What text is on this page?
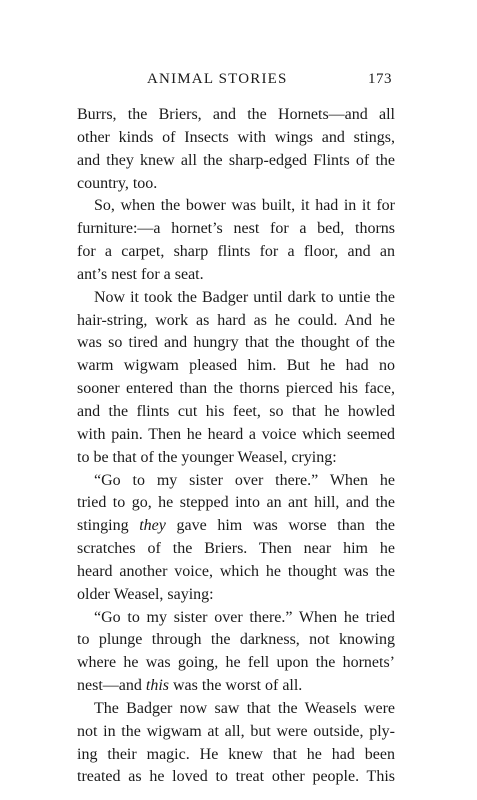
ANIMAL STORIES	173

Burrs, the Briers, and the Hornets—and all
other kinds of Insects with wings and stings,
and they knew all the sharp-edged Flints of the
country, too.

So, when the bower was built, it had in it for
furniture:—a hornet’s nest for a bed, thorns
for a carpet, sharp flints for a floor, and an
ant’s nest for a seat.

Now it took the Badger until dark to untie the
hair-string, work as hard as he could. And he
was so tired and hungry that the thought of the
warm wigwam pleased him. But he had no
sooner entered than the thorns pierced his face,
and the flints cut his feet, so that he howled
with pain. Then he heard a voice which seemed
to be that of the younger Weasel, crying:

“Go to my sister over there.” When he
tried to go, he stepped into an ant hill, and the
stinging they gave him was worse than the
scratches of the Briers. Then near him he
heard another voice, which he thought was the
older Weasel, saying:

“Go to my sister over there.” When he tried
to plunge through the darkness, not knowing
where he was going, he fell upon the hornets’
nest—and this was the worst of all.

The Badger now saw that the Weasels were
not in the wigwam at all, but were outside, ply-
ing their magic. He knew that he had been
treated as he loved to treat other people. This
